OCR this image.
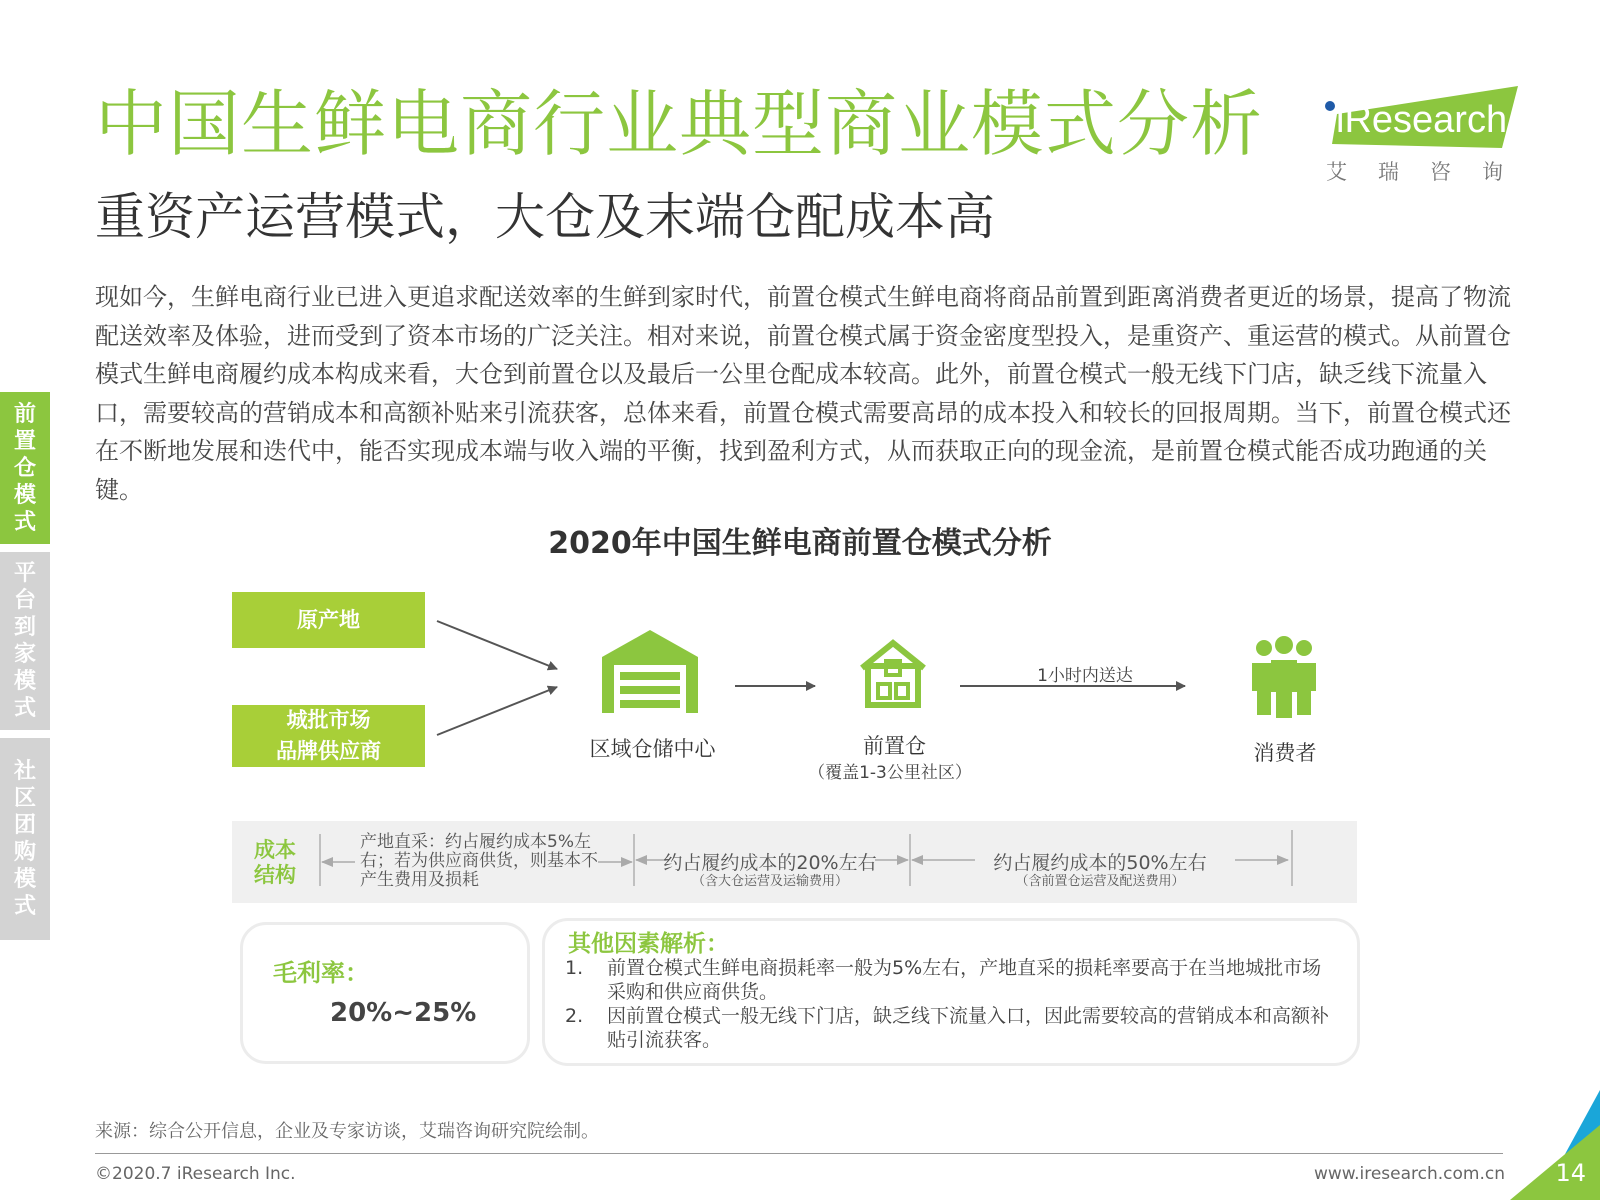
中国生鲜电商行业典型商业模式分析
重资产运营模式，大仓及末端仓配成本高
iResearch
艾瑞咨询
现如今，生鲜电商行业已进入更追求配送效率的生鲜到家时代，前置仓模式生鲜电商将商品前置到距离消费者更近的场景，提高了物流配送效率及体验，进而受到了资本市场的广泛关注。相对来说，前置仓模式属于资金密度型投入，是重资产、重运营的模式。从前置仓模式生鲜电商履约成本构成来看，大仓到前置仓以及最后一公里仓配成本较高。此外，前置仓模式一般无线下门店，缺乏线下流量入口，需要较高的营销成本和高额补贴来引流获客，总体来看，前置仓模式需要高昂的成本投入和较长的回报周期。当下，前置仓模式还在不断地发展和迭代中，能否实现成本端与收入端的平衡，找到盈利方式，从而获取正向的现金流，是前置仓模式能否成功跑通的关键。
前
置
仓
模
式
平
台
到
家
模
式
社
区
团
购
模
式
2020年中国生鲜电商前置仓模式分析
原产地
城批市场
品牌供应商	区域仓储中心	前置仓
（覆盖1-3公里社区）
1小时内送达
消费者
成本
结构
产地直采：约占履约成本5%左右；若为供应商供货，则基本不产生费用及损耗
约占履约成本的20%左右
（含大仓运营及运输费用）
约占履约成本的50%左右
（含前置仓运营及配送费用）
毛利率：
20%~25%
其他因素解析：
1.	前置仓模式生鲜电商损耗率一般为5%左右，产地直采的损耗率要高于在当地城批市场采购和供应商供货。
2.	因前置仓模式一般无线下门店，缺乏线下流量入口，因此需要较高的营销成本和高额补贴引流获客。
来源：综合公开信息，企业及专家访谈，艾瑞咨询研究院绘制。
©2020.7 iResearch Inc.	www.iresearch.com.cn 14
